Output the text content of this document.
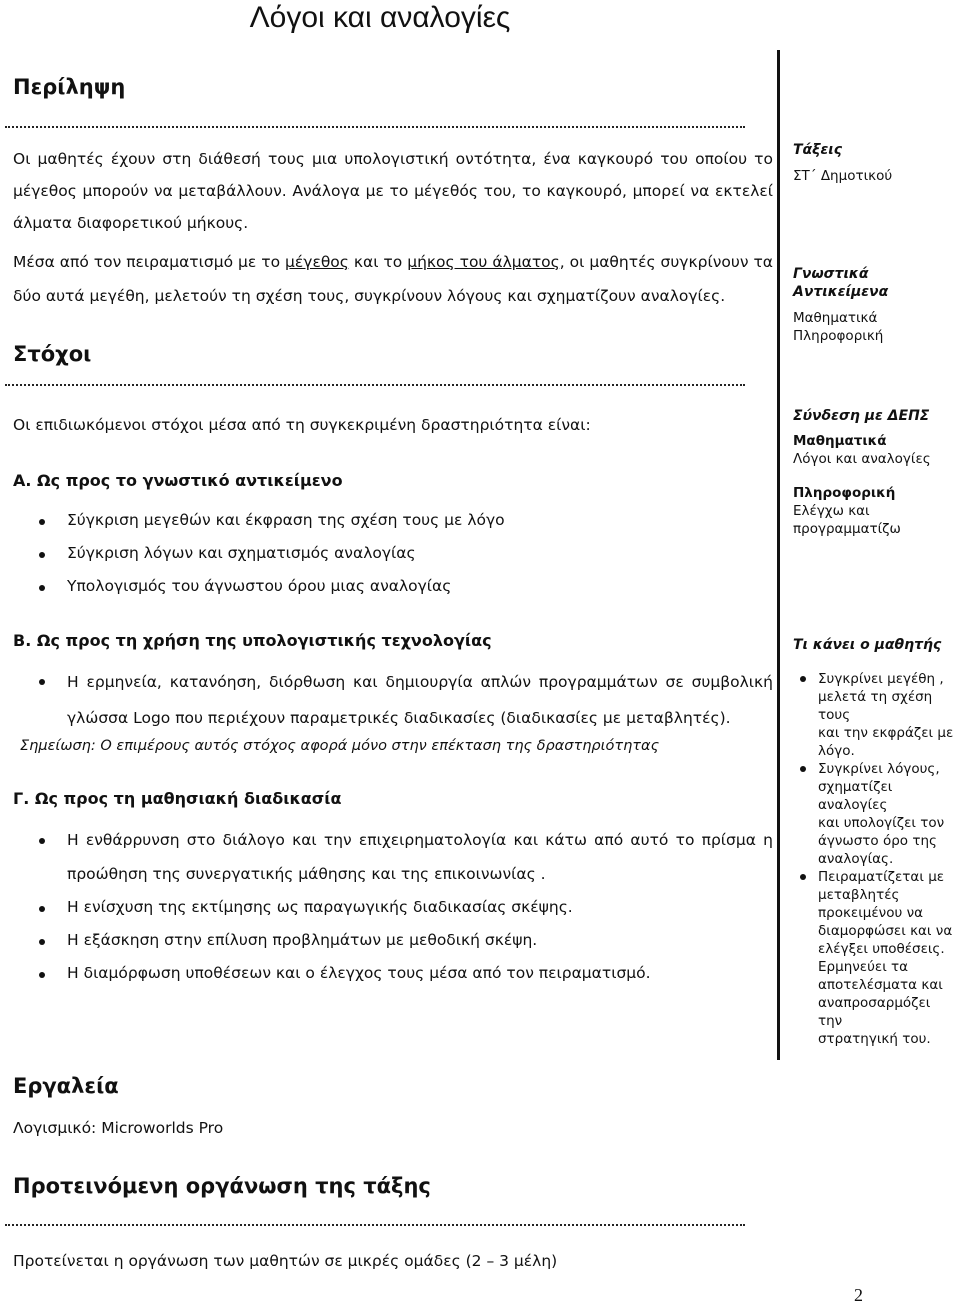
Λόγοι και αναλογίες
Περίληψη
Οι μαθητές έχουν στη διάθεσή τους μια υπολογιστική οντότητα, ένα καγκουρό του οποίου το μέγεθος μπορούν να μεταβάλλουν. Ανάλογα με το μέγεθός του, το καγκουρό, μπορεί να εκτελεί άλματα διαφορετικού μήκους.
Μέσα από τον πειραματισμό με το μέγεθος και το μήκος του άλματος, οι μαθητές συγκρίνουν τα δύο αυτά μεγέθη, μελετούν τη σχέση τους, συγκρίνουν λόγους και σχηματίζουν αναλογίες.
Στόχοι
Οι επιδιωκόμενοι στόχοι μέσα από τη συγκεκριμένη δραστηριότητα είναι:
Α. Ως προς το γνωστικό αντικείμενο
Σύγκριση μεγεθών και έκφραση της σχέση τους με λόγο
Σύγκριση λόγων και σχηματισμός αναλογίας
Υπολογισμός του άγνωστου όρου μιας αναλογίας
Β. Ως προς τη χρήση της υπολογιστικής τεχνολογίας
Η ερμηνεία, κατανόηση, διόρθωση και δημιουργία απλών προγραμμάτων σε συμβολική γλώσσα Logo που περιέχουν παραμετρικές διαδικασίες (διαδικασίες με μεταβλητές).
Σημείωση: Ο επιμέρους αυτός στόχος αφορά μόνο στην επέκταση της δραστηριότητας
Γ. Ως προς τη μαθησιακή διαδικασία
Η ενθάρρυνση στο διάλογο και την επιχειρηματολογία και κάτω από αυτό το πρίσμα η προώθηση της συνεργατικής μάθησης και της επικοινωνίας .
Η ενίσχυση της εκτίμησης ως παραγωγικής διαδικασίας σκέψης.
Η εξάσκηση στην επίλυση προβλημάτων με μεθοδική σκέψη.
Η διαμόρφωση υποθέσεων και ο έλεγχος τους μέσα από τον πειραματισμό.
Εργαλεία
Λογισμικό: Microworlds Pro
Προτεινόμενη οργάνωση της τάξης
Προτείνεται η οργάνωση των μαθητών σε μικρές ομάδες (2 – 3 μέλη)
Τάξεις
ΣΤ΄ Δημοτικού
Γνωστικά Αντικείμενα
Μαθηματικά
Πληροφορική
Σύνδεση με ΔΕΠΣ
Μαθηματικά
Λόγοι και αναλογίες
Πληροφορική
Ελέγχω και
προγραμματίζω
Τι κάνει ο μαθητής
Συγκρίνει μεγέθη ,
μελετά τη σχέση τους
και την εκφράζει με
λόγο.
Συγκρίνει λόγους,
σχηματίζει αναλογίες
και υπολογίζει τον
άγνωστο όρο της
αναλογίας.
Πειραματίζεται με
μεταβλητές
προκειμένου να
διαμορφώσει και να
ελέγξει υποθέσεις.
Ερμηνεύει τα
αποτελέσματα και
αναπροσαρμόζει την
στρατηγική του.
2
